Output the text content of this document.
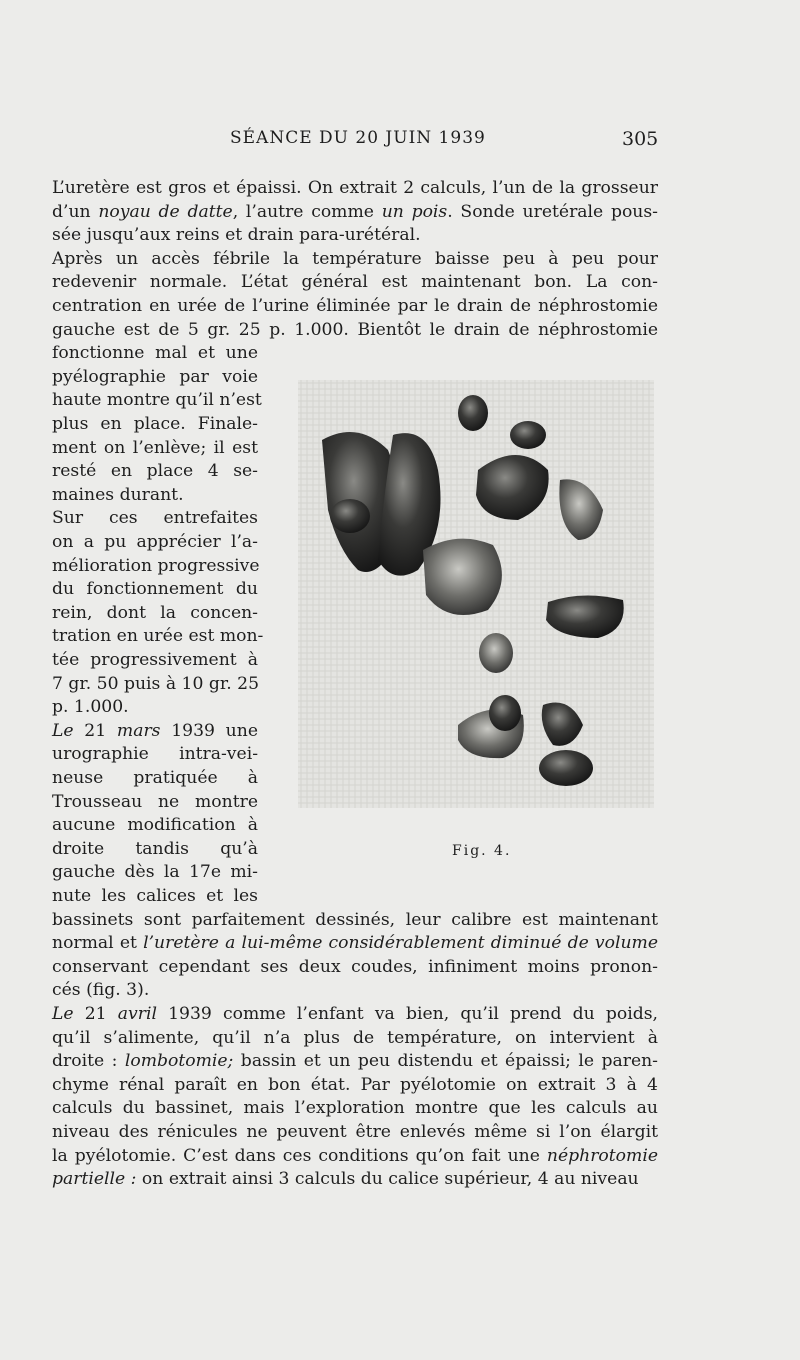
SÉANCE DU 20 JUIN 1939	305
L’uretère est gros et épaissi. On extrait 2 calculs, l’un de la grosseur
d’un noyau de datte, l’autre comme un pois. Sonde uretérale pous-
sée jusqu’aux reins et drain para-urétéral.
Après un accès fébrile la température baisse peu à peu pour
redevenir normale. L’état général est maintenant bon. La con-
centration en urée de l’urine éliminée par le drain de néphrostomie
gauche est de 5 gr. 25 p. 1.000. Bientôt le drain de néphrostomie
fonctionne mal et une
pyélographie par voie
haute montre qu’il n’est
plus en place. Finale-
ment on l’enlève; il est
resté en place 4 se-
maines durant.
Sur ces entrefaites
on a pu apprécier l’a-
mélioration progressive
du fonctionnement du
rein, dont la concen-
tration en urée est mon-
tée progressivement à
7 gr. 50 puis à 10 gr. 25
p. 1.000.
Le 21 mars 1939 une
urographie intra-vei-
neuse pratiquée à
Trousseau ne montre
aucune modification à
droite tandis qu’à
gauche dès la 17e mi-
nute les calices et les
bassinets sont parfaitement dessinés, leur calibre est maintenant
normal et l’uretère a lui-même considérablement diminué de volume
conservant cependant ses deux coudes, infiniment moins pronon-
cés (fig. 3).
Le 21 avril 1939 comme l’enfant va bien, qu’il prend du poids,
qu’il s’alimente, qu’il n’a plus de température, on intervient à
droite : lombotomie; bassin et un peu distendu et épaissi; le paren-
chyme rénal paraît en bon état. Par pyélotomie on extrait 3 à 4
calculs du bassinet, mais l’exploration montre que les calculs au
niveau des rénicules ne peuvent être enlevés même si l’on élargit
la pyélotomie. C’est dans ces conditions qu’on fait une néphrotomie
partielle : on extrait ainsi 3 calculs du calice supérieur, 4 au niveau
Fig. 4.
